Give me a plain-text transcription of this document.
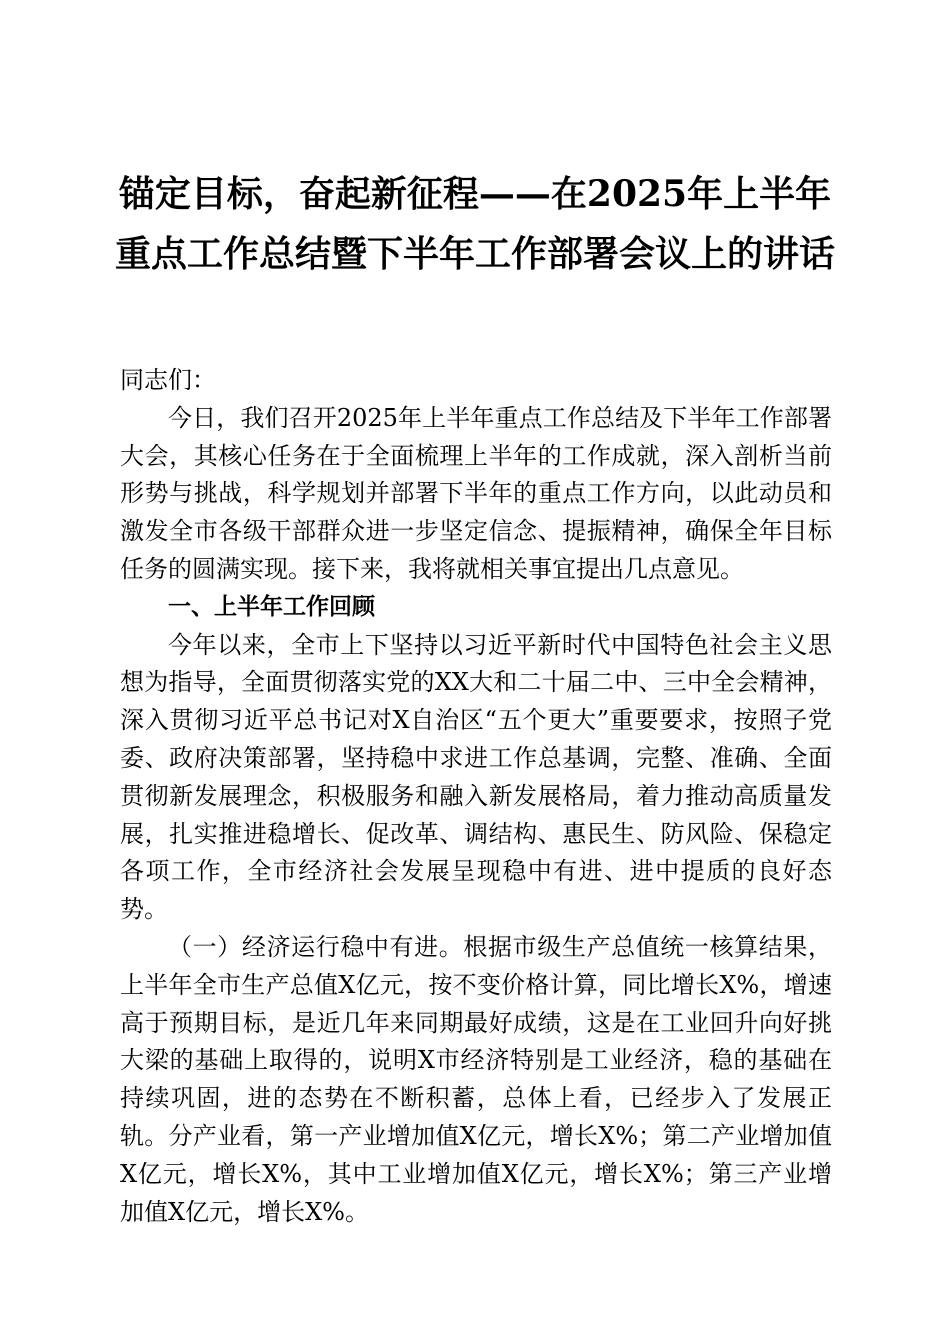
锚定目标，奋起新征程——在2025年上半年
重点工作总结暨下半年工作部署会议上的讲话

同志们：

今日，我们召开2025年上半年重点工作总结及下半年工作部署大会，其核心任务在于全面梳理上半年的工作成就，深入剖析当前形势与挑战，科学规划并部署下半年的重点工作方向，以此动员和激发全市各级干部群众进一步坚定信念、提振精神，确保全年目标任务的圆满实现。接下来，我将就相关事宜提出几点意见。

一、上半年工作回顾

今年以来，全市上下坚持以习近平新时代中国特色社会主义思想为指导，全面贯彻落实党的XX大和二十届二中、三中全会精神，深入贯彻习近平总书记对X自治区“五个更大”重要要求，按照子党委、政府决策部署，坚持稳中求进工作总基调，完整、准确、全面贯彻新发展理念，积极服务和融入新发展格局，着力推动高质量发展，扎实推进稳增长、促改革、调结构、惠民生、防风险、保稳定各项工作，全市经济社会发展呈现稳中有进、进中提质的良好态势。

（一）经济运行稳中有进。根据市级生产总值统一核算结果，上半年全市生产总值X亿元，按不变价格计算，同比增长X%，增速高于预期目标，是近几年来同期最好成绩，这是在工业回升向好挑大梁的基础上取得的，说明X市经济特别是工业经济，稳的基础在持续巩固，进的态势在不断积蓄，总体上看，已经步入了发展正轨。分产业看，第一产业增加值X亿元，增长X%；第二产业增加值X亿元，增长X%，其中工业增加值X亿元，增长X%；第三产业增加值X亿元，增长X%。
